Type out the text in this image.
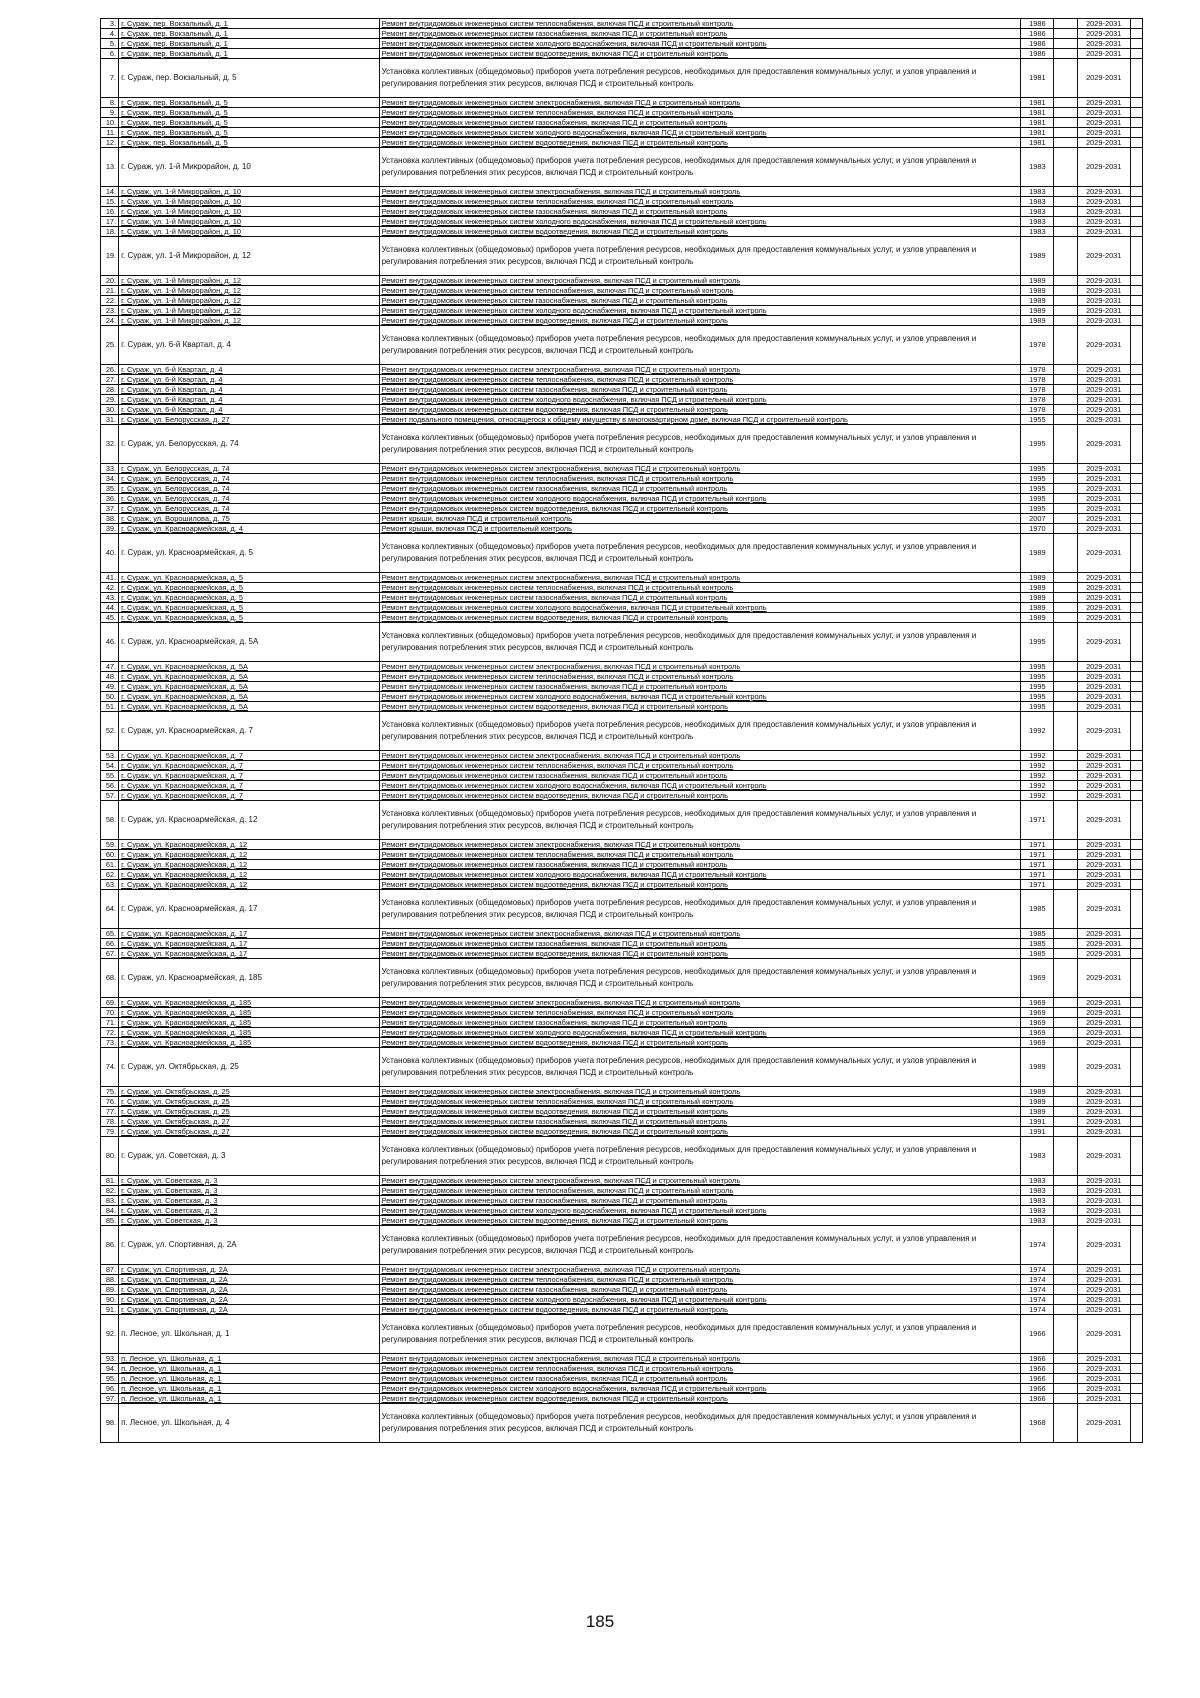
3.	г. Сураж, пер. Вокзальный, д. 1	Ремонт внутридомовых инженерных систем теплоснабжения, включая ПСД и строительный контроль	1986		2029-2031	
4.	г. Сураж, пер. Вокзальный, д. 1	Ремонт внутридомовых инженерных систем газоснабжения, включая ПСД и строительный контроль	1986		2029-2031	
5.	г. Сураж, пер. Вокзальный, д. 1	Ремонт внутридомовых инженерных систем холодного водоснабжения, включая ПСД и строительный контроль	1986		2029-2031	
6.	г. Сураж, пер. Вокзальный, д. 1	Ремонт внутридомовых инженерных систем водоотведения, включая ПСД и строительный контроль	1986		2029-2031	
7.	г. Сураж, пер. Вокзальный, д. 5	Установка коллективных (общедомовых) приборов учета потребления ресурсов, необходимых для предоставления коммунальных услуг, и узлов управления и регулирования потребления этих ресурсов, включая ПСД и строительный контроль	1981		2029-2031	
8.	г. Сураж, пер. Вокзальный, д. 5	Ремонт внутридомовых инженерных систем электроснабжения, включая ПСД и строительный контроль	1981		2029-2031	
9.	г. Сураж, пер. Вокзальный, д. 5	Ремонт внутридомовых инженерных систем теплоснабжения, включая ПСД и строительный контроль	1981		2029-2031	
10.	г. Сураж, пер. Вокзальный, д. 5	Ремонт внутридомовых инженерных систем газоснабжения, включая ПСД и строительный контроль	1981		2029-2031	
11.	г. Сураж, пер. Вокзальный, д. 5	Ремонт внутридомовых инженерных систем холодного водоснабжения, включая ПСД и строительный контроль	1981		2029-2031	
12.	г. Сураж, пер. Вокзальный, д. 5	Ремонт внутридомовых инженерных систем водоотведения, включая ПСД и строительный контроль	1981		2029-2031	
13.	г. Сураж, ул. 1-й Микрорайон, д. 10	Установка коллективных (общедомовых) приборов учета потребления ресурсов, необходимых для предоставления коммунальных услуг, и узлов управления и регулирования потребления этих ресурсов, включая ПСД и строительный контроль	1983		2029-2031	
14.	г. Сураж, ул. 1-й Микрорайон, д. 10	Ремонт внутридомовых инженерных систем электроснабжения, включая ПСД и строительный контроль	1983		2029-2031	
15.	г. Сураж, ул. 1-й Микрорайон, д. 10	Ремонт внутридомовых инженерных систем теплоснабжения, включая ПСД и строительный контроль	1983		2029-2031	
16.	г. Сураж, ул. 1-й Микрорайон, д. 10	Ремонт внутридомовых инженерных систем газоснабжения, включая ПСД и строительный контроль	1983		2029-2031	
17.	г. Сураж, ул. 1-й Микрорайон, д. 10	Ремонт внутридомовых инженерных систем холодного водоснабжения, включая ПСД и строительный контроль	1983		2029-2031	
18.	г. Сураж, ул. 1-й Микрорайон, д. 10	Ремонт внутридомовых инженерных систем водоотведения, включая ПСД и строительный контроль	1983		2029-2031	
19.	г. Сураж, ул. 1-й Микрорайон, д. 12	Установка коллективных (общедомовых) приборов учета потребления ресурсов, необходимых для предоставления коммунальных услуг, и узлов управления и регулирования потребления этих ресурсов, включая ПСД и строительный контроль	1989		2029-2031	
20.	г. Сураж, ул. 1-й Микрорайон, д. 12	Ремонт внутридомовых инженерных систем электроснабжения, включая ПСД и строительный контроль	1989		2029-2031	
21.	г. Сураж, ул. 1-й Микрорайон, д. 12	Ремонт внутридомовых инженерных систем теплоснабжения, включая ПСД и строительный контроль	1989		2029-2031	
22.	г. Сураж, ул. 1-й Микрорайон, д. 12	Ремонт внутридомовых инженерных систем газоснабжения, включая ПСД и строительный контроль	1989		2029-2031	
23.	г. Сураж, ул. 1-й Микрорайон, д. 12	Ремонт внутридомовых инженерных систем холодного водоснабжения, включая ПСД и строительный контроль	1989		2029-2031	
24.	г. Сураж, ул. 1-й Микрорайон, д. 12	Ремонт внутридомовых инженерных систем водоотведения, включая ПСД и строительный контроль	1989		2029-2031	
25.	г. Сураж, ул. 6-й Квартал, д. 4	Установка коллективных (общедомовых) приборов учета потребления ресурсов, необходимых для предоставления коммунальных услуг, и узлов управления и регулирования потребления этих ресурсов, включая ПСД и строительный контроль	1978		2029-2031	
26.	г. Сураж, ул. 6-й Квартал, д. 4	Ремонт внутридомовых инженерных систем электроснабжения, включая ПСД и строительный контроль	1978		2029-2031	
27.	г. Сураж, ул. 6-й Квартал, д. 4	Ремонт внутридомовых инженерных систем теплоснабжения, включая ПСД и строительный контроль	1978		2029-2031	
28.	г. Сураж, ул. 6-й Квартал, д. 4	Ремонт внутридомовых инженерных систем газоснабжения, включая ПСД и строительный контроль	1978		2029-2031	
29.	г. Сураж, ул. 6-й Квартал, д. 4	Ремонт внутридомовых инженерных систем холодного водоснабжения, включая ПСД и строительный контроль	1978		2029-2031	
30.	г. Сураж, ул. 6-й Квартал, д. 4	Ремонт внутридомовых инженерных систем водоотведения, включая ПСД и строительный контроль	1978		2029-2031	
31.	г. Сураж, ул. Белорусская, д. 27	Ремонт подвального помещения, относящегося к общему имуществу в многоквартирном доме, включая ПСД и строительный контроль	1955		2029-2031	
32.	г. Сураж, ул. Белорусская, д. 74	Установка коллективных (общедомовых) приборов учета потребления ресурсов, необходимых для предоставления коммунальных услуг, и узлов управления и регулирования потребления этих ресурсов, включая ПСД и строительный контроль	1995		2029-2031	
33.	г. Сураж, ул. Белорусская, д. 74	Ремонт внутридомовых инженерных систем электроснабжения, включая ПСД и строительный контроль	1995		2029-2031	
34.	г. Сураж, ул. Белорусская, д. 74	Ремонт внутридомовых инженерных систем теплоснабжения, включая ПСД и строительный контроль	1995		2029-2031	
35.	г. Сураж, ул. Белорусская, д. 74	Ремонт внутридомовых инженерных систем газоснабжения, включая ПСД и строительный контроль	1995		2029-2031	
36.	г. Сураж, ул. Белорусская, д. 74	Ремонт внутридомовых инженерных систем холодного водоснабжения, включая ПСД и строительный контроль	1995		2029-2031	
37.	г. Сураж, ул. Белорусская, д. 74	Ремонт внутридомовых инженерных систем водоотведения, включая ПСД и строительный контроль	1995		2029-2031	
38.	г. Сураж, ул. Ворошилова, д. 75	Ремонт крыши, включая ПСД и строительный контроль	2007		2029-2031	
39.	г. Сураж, ул. Красноармейская, д. 4	Ремонт крыши, включая ПСД и строительный контроль	1970		2029-2031	
40.	г. Сураж, ул. Красноармейская, д. 5	Установка коллективных (общедомовых) приборов учета потребления ресурсов, необходимых для предоставления коммунальных услуг, и узлов управления и регулирования потребления этих ресурсов, включая ПСД и строительный контроль	1989		2029-2031	
41.	г. Сураж, ул. Красноармейская, д. 5	Ремонт внутридомовых инженерных систем электроснабжения, включая ПСД и строительный контроль	1989		2029-2031	
42.	г. Сураж, ул. Красноармейская, д. 5	Ремонт внутридомовых инженерных систем теплоснабжения, включая ПСД и строительный контроль	1989		2029-2031	
43.	г. Сураж, ул. Красноармейская, д. 5	Ремонт внутридомовых инженерных систем газоснабжения, включая ПСД и строительный контроль	1989		2029-2031	
44.	г. Сураж, ул. Красноармейская, д. 5	Ремонт внутридомовых инженерных систем холодного водоснабжения, включая ПСД и строительный контроль	1989		2029-2031	
45.	г. Сураж, ул. Красноармейская, д. 5	Ремонт внутридомовых инженерных систем водоотведения, включая ПСД и строительный контроль	1989		2029-2031	
46.	г. Сураж, ул. Красноармейская, д. 5А	Установка коллективных (общедомовых) приборов учета потребления ресурсов, необходимых для предоставления коммунальных услуг, и узлов управления и регулирования потребления этих ресурсов, включая ПСД и строительный контроль	1995		2029-2031	
47.	г. Сураж, ул. Красноармейская, д. 5А	Ремонт внутридомовых инженерных систем электроснабжения, включая ПСД и строительный контроль	1995		2029-2031	
48.	г. Сураж, ул. Красноармейская, д. 5А	Ремонт внутридомовых инженерных систем теплоснабжения, включая ПСД и строительный контроль	1995		2029-2031	
49.	г. Сураж, ул. Красноармейская, д. 5А	Ремонт внутридомовых инженерных систем газоснабжения, включая ПСД и строительный контроль	1995		2029-2031	
50.	г. Сураж, ул. Красноармейская, д. 5А	Ремонт внутридомовых инженерных систем холодного водоснабжения, включая ПСД и строительный контроль	1995		2029-2031	
51.	г. Сураж, ул. Красноармейская, д. 5А	Ремонт внутридомовых инженерных систем водоотведения, включая ПСД и строительный контроль	1995		2029-2031	
52.	г. Сураж, ул. Красноармейская, д. 7	Установка коллективных (общедомовых) приборов учета потребления ресурсов, необходимых для предоставления коммунальных услуг, и узлов управления и регулирования потребления этих ресурсов, включая ПСД и строительный контроль	1992		2029-2031	
53.	г. Сураж, ул. Красноармейская, д. 7	Ремонт внутридомовых инженерных систем электроснабжения, включая ПСД и строительный контроль	1992		2029-2031	
54.	г. Сураж, ул. Красноармейская, д. 7	Ремонт внутридомовых инженерных систем теплоснабжения, включая ПСД и строительный контроль	1992		2029-2031	
55.	г. Сураж, ул. Красноармейская, д. 7	Ремонт внутридомовых инженерных систем газоснабжения, включая ПСД и строительный контроль	1992		2029-2031	
56.	г. Сураж, ул. Красноармейская, д. 7	Ремонт внутридомовых инженерных систем холодного водоснабжения, включая ПСД и строительный контроль	1992		2029-2031	
57.	г. Сураж, ул. Красноармейская, д. 7	Ремонт внутридомовых инженерных систем водоотведения, включая ПСД и строительный контроль	1992		2029-2031	
58.	г. Сураж, ул. Красноармейская, д. 12	Установка коллективных (общедомовых) приборов учета потребления ресурсов, необходимых для предоставления коммунальных услуг, и узлов управления и регулирования потребления этих ресурсов, включая ПСД и строительный контроль	1971		2029-2031	
59.	г. Сураж, ул. Красноармейская, д. 12	Ремонт внутридомовых инженерных систем электроснабжения, включая ПСД и строительный контроль	1971		2029-2031	
60.	г. Сураж, ул. Красноармейская, д. 12	Ремонт внутридомовых инженерных систем теплоснабжения, включая ПСД и строительный контроль	1971		2029-2031	
61.	г. Сураж, ул. Красноармейская, д. 12	Ремонт внутридомовых инженерных систем газоснабжения, включая ПСД и строительный контроль	1971		2029-2031	
62.	г. Сураж, ул. Красноармейская, д. 12	Ремонт внутридомовых инженерных систем холодного водоснабжения, включая ПСД и строительный контроль	1971		2029-2031	
63.	г. Сураж, ул. Красноармейская, д. 12	Ремонт внутридомовых инженерных систем водоотведения, включая ПСД и строительный контроль	1971		2029-2031	
64.	г. Сураж, ул. Красноармейская, д. 17	Установка коллективных (общедомовых) приборов учета потребления ресурсов, необходимых для предоставления коммунальных услуг, и узлов управления и регулирования потребления этих ресурсов, включая ПСД и строительный контроль	1985		2029-2031	
65.	г. Сураж, ул. Красноармейская, д. 17	Ремонт внутридомовых инженерных систем электроснабжения, включая ПСД и строительный контроль	1985		2029-2031	
66.	г. Сураж, ул. Красноармейская, д. 17	Ремонт внутридомовых инженерных систем газоснабжения, включая ПСД и строительный контроль	1985		2029-2031	
67.	г. Сураж, ул. Красноармейская, д. 17	Ремонт внутридомовых инженерных систем водоотведения, включая ПСД и строительный контроль	1985		2029-2031	
68.	г. Сураж, ул. Красноармейская, д. 185	Установка коллективных (общедомовых) приборов учета потребления ресурсов, необходимых для предоставления коммунальных услуг, и узлов управления и регулирования потребления этих ресурсов, включая ПСД и строительный контроль	1969		2029-2031	
69.	г. Сураж, ул. Красноармейская, д. 185	Ремонт внутридомовых инженерных систем электроснабжения, включая ПСД и строительный контроль	1969		2029-2031	
70.	г. Сураж, ул. Красноармейская, д. 185	Ремонт внутридомовых инженерных систем теплоснабжения, включая ПСД и строительный контроль	1969		2029-2031	
71.	г. Сураж, ул. Красноармейская, д. 185	Ремонт внутридомовых инженерных систем газоснабжения, включая ПСД и строительный контроль	1969		2029-2031	
72.	г. Сураж, ул. Красноармейская, д. 185	Ремонт внутридомовых инженерных систем холодного водоснабжения, включая ПСД и строительный контроль	1969		2029-2031	
73.	г. Сураж, ул. Красноармейская, д. 185	Ремонт внутридомовых инженерных систем водоотведения, включая ПСД и строительный контроль	1969		2029-2031	
74.	г. Сураж, ул. Октябрьская, д. 25	Установка коллективных (общедомовых) приборов учета потребления ресурсов, необходимых для предоставления коммунальных услуг, и узлов управления и регулирования потребления этих ресурсов, включая ПСД и строительный контроль	1989		2029-2031	
75.	г. Сураж, ул. Октябрьская, д. 25	Ремонт внутридомовых инженерных систем электроснабжения, включая ПСД и строительный контроль	1989		2029-2031	
76.	г. Сураж, ул. Октябрьская, д. 25	Ремонт внутридомовых инженерных систем теплоснабжения, включая ПСД и строительный контроль	1989		2029-2031	
77.	г. Сураж, ул. Октябрьская, д. 25	Ремонт внутридомовых инженерных систем водоотведения, включая ПСД и строительный контроль	1989		2029-2031	
78.	г. Сураж, ул. Октябрьская, д. 27	Ремонт внутридомовых инженерных систем газоснабжения, включая ПСД и строительный контроль	1991		2029-2031	
79.	г. Сураж, ул. Октябрьская, д. 27	Ремонт внутридомовых инженерных систем водоотведения, включая ПСД и строительный контроль	1991		2029-2031	
80.	г. Сураж, ул. Советская, д. 3	Установка коллективных (общедомовых) приборов учета потребления ресурсов, необходимых для предоставления коммунальных услуг, и узлов управления и регулирования потребления этих ресурсов, включая ПСД и строительный контроль	1983		2029-2031	
81.	г. Сураж, ул. Советская, д. 3	Ремонт внутридомовых инженерных систем электроснабжения, включая ПСД и строительный контроль	1983		2029-2031	
82.	г. Сураж, ул. Советская, д. 3	Ремонт внутридомовых инженерных систем теплоснабжения, включая ПСД и строительный контроль	1983		2029-2031	
83.	г. Сураж, ул. Советская, д. 3	Ремонт внутридомовых инженерных систем газоснабжения, включая ПСД и строительный контроль	1983		2029-2031	
84.	г. Сураж, ул. Советская, д. 3	Ремонт внутридомовых инженерных систем холодного водоснабжения, включая ПСД и строительный контроль	1983		2029-2031	
85.	г. Сураж, ул. Советская, д. 3	Ремонт внутридомовых инженерных систем водоотведения, включая ПСД и строительный контроль	1983		2029-2031	
86.	г. Сураж, ул. Спортивная, д. 2А	Установка коллективных (общедомовых) приборов учета потребления ресурсов, необходимых для предоставления коммунальных услуг, и узлов управления и регулирования потребления этих ресурсов, включая ПСД и строительный контроль	1974		2029-2031	
87.	г. Сураж, ул. Спортивная, д. 2А	Ремонт внутридомовых инженерных систем электроснабжения, включая ПСД и строительный контроль	1974		2029-2031	
88.	г. Сураж, ул. Спортивная, д. 2А	Ремонт внутридомовых инженерных систем теплоснабжения, включая ПСД и строительный контроль	1974		2029-2031	
89.	г. Сураж, ул. Спортивная, д. 2А	Ремонт внутридомовых инженерных систем газоснабжения, включая ПСД и строительный контроль	1974		2029-2031	
90.	г. Сураж, ул. Спортивная, д. 2А	Ремонт внутридомовых инженерных систем холодного водоснабжения, включая ПСД и строительный контроль	1974		2029-2031	
91.	г. Сураж, ул. Спортивная, д. 2А	Ремонт внутридомовых инженерных систем водоотведения, включая ПСД и строительный контроль	1974		2029-2031	
92.	п. Лесное, ул. Школьная, д. 1	Установка коллективных (общедомовых) приборов учета потребления ресурсов, необходимых для предоставления коммунальных услуг, и узлов управления и регулирования потребления этих ресурсов, включая ПСД и строительный контроль	1966		2029-2031	
93.	п. Лесное, ул. Школьная, д. 1	Ремонт внутридомовых инженерных систем электроснабжения, включая ПСД и строительный контроль	1966		2029-2031	
94.	п. Лесное, ул. Школьная, д. 1	Ремонт внутридомовых инженерных систем теплоснабжения, включая ПСД и строительный контроль	1966		2029-2031	
95.	п. Лесное, ул. Школьная, д. 1	Ремонт внутридомовых инженерных систем газоснабжения, включая ПСД и строительный контроль	1966		2029-2031	
96.	п. Лесное, ул. Школьная, д. 1	Ремонт внутридомовых инженерных систем холодного водоснабжения, включая ПСД и строительный контроль	1966		2029-2031	
97.	п. Лесное, ул. Школьная, д. 1	Ремонт внутридомовых инженерных систем водоотведения, включая ПСД и строительный контроль	1966		2029-2031	
98.	п. Лесное, ул. Школьная, д. 4	Установка коллективных (общедомовых) приборов учета потребления ресурсов, необходимых для предоставления коммунальных услуг, и узлов управления и регулирования потребления этих ресурсов, включая ПСД и строительный контроль	1968		2029-2031	
185
